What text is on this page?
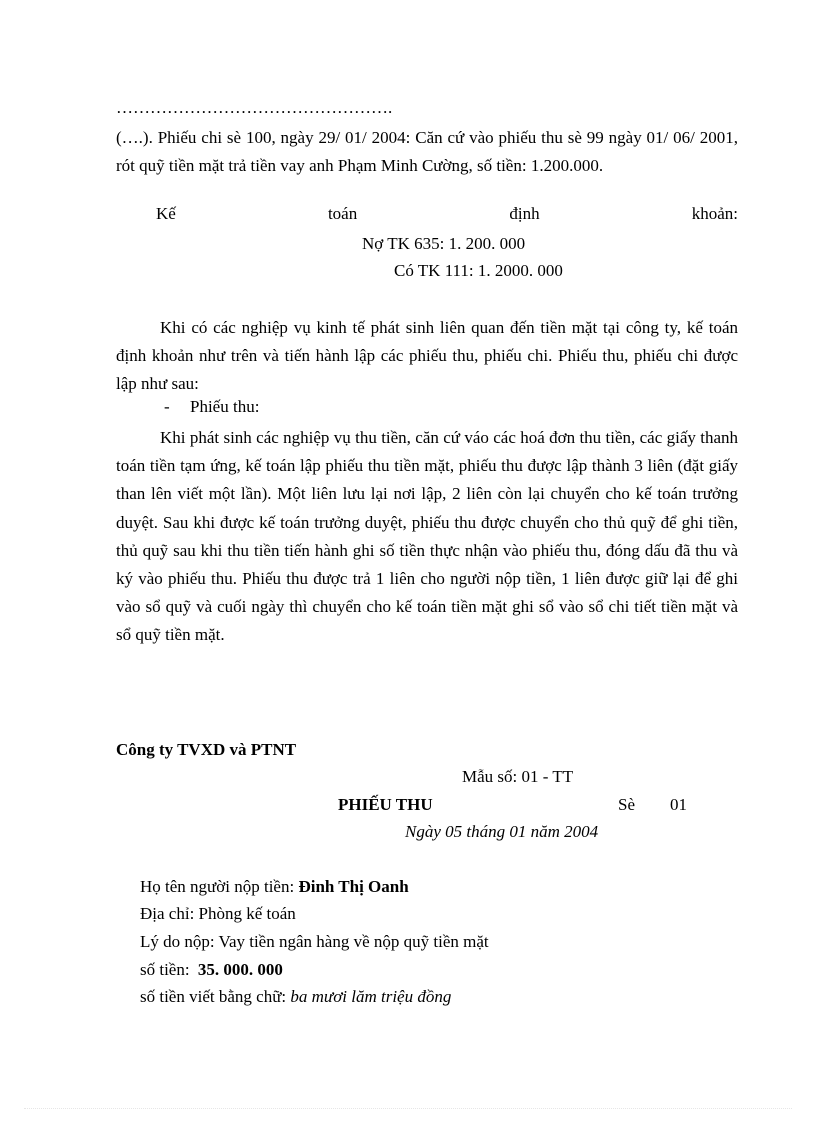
………………………………………….
(….). Phiếu chi sè 100, ngày 29/ 01/ 2004: Căn cứ vào phiếu thu sè 99 ngày 01/ 06/ 2001, rót quỹ tiền mặt trả tiền vay anh Phạm Minh Cường, số tiền: 1.200.000.
Kế	toán	định	khoản:
Nợ TK 635: 1. 200. 000
Có TK 111: 1. 2000. 000
Khi có các nghiệp vụ kinh tế phát sinh liên quan đến tiền mặt tại công ty, kế toán định khoản như trên và tiến hành lập các phiếu thu, phiếu chi. Phiếu thu, phiếu chi được lập như sau:
- Phiếu thu:
Khi phát sinh các nghiệp vụ thu tiền, căn cứ váo các hoá đơn thu tiền, các giấy thanh toán tiền tạm ứng, kế toán lập phiếu thu tiền mặt, phiếu thu được lập thành 3 liên (đặt giấy than lên viết một lần). Một liên lưu lại nơi lập, 2 liên còn lại chuyển cho kế toán trưởng duyệt. Sau khi được kế toán trưởng duyệt, phiếu thu được chuyển cho thủ quỹ để ghi tiền, thủ quỹ sau khi thu tiền tiến hành ghi số tiền thực nhận vào phiếu thu, đóng dấu đã thu và ký vào phiếu thu. Phiếu thu được trả 1 liên cho người nộp tiền, 1 liên được giữ lại để ghi vào sổ quỹ và cuối ngày thì chuyển cho kế toán tiền mặt ghi sổ vào sổ chi tiết tiền mặt và sổ quỹ tiền mặt.
Công ty TVXD và PTNT
Mẫu số: 01 - TT
PHIẾU THU	Sè 01
Ngày 05 tháng 01 năm 2004
Họ tên người nộp tiền: Đinh Thị Oanh
Địa chỉ: Phòng kế toán
Lý do nộp: Vay tiền ngân hàng về nộp quỹ tiền mặt
số tiền: 35. 000. 000
số tiền viết bằng chữ: ba mươi lăm triệu đồng
